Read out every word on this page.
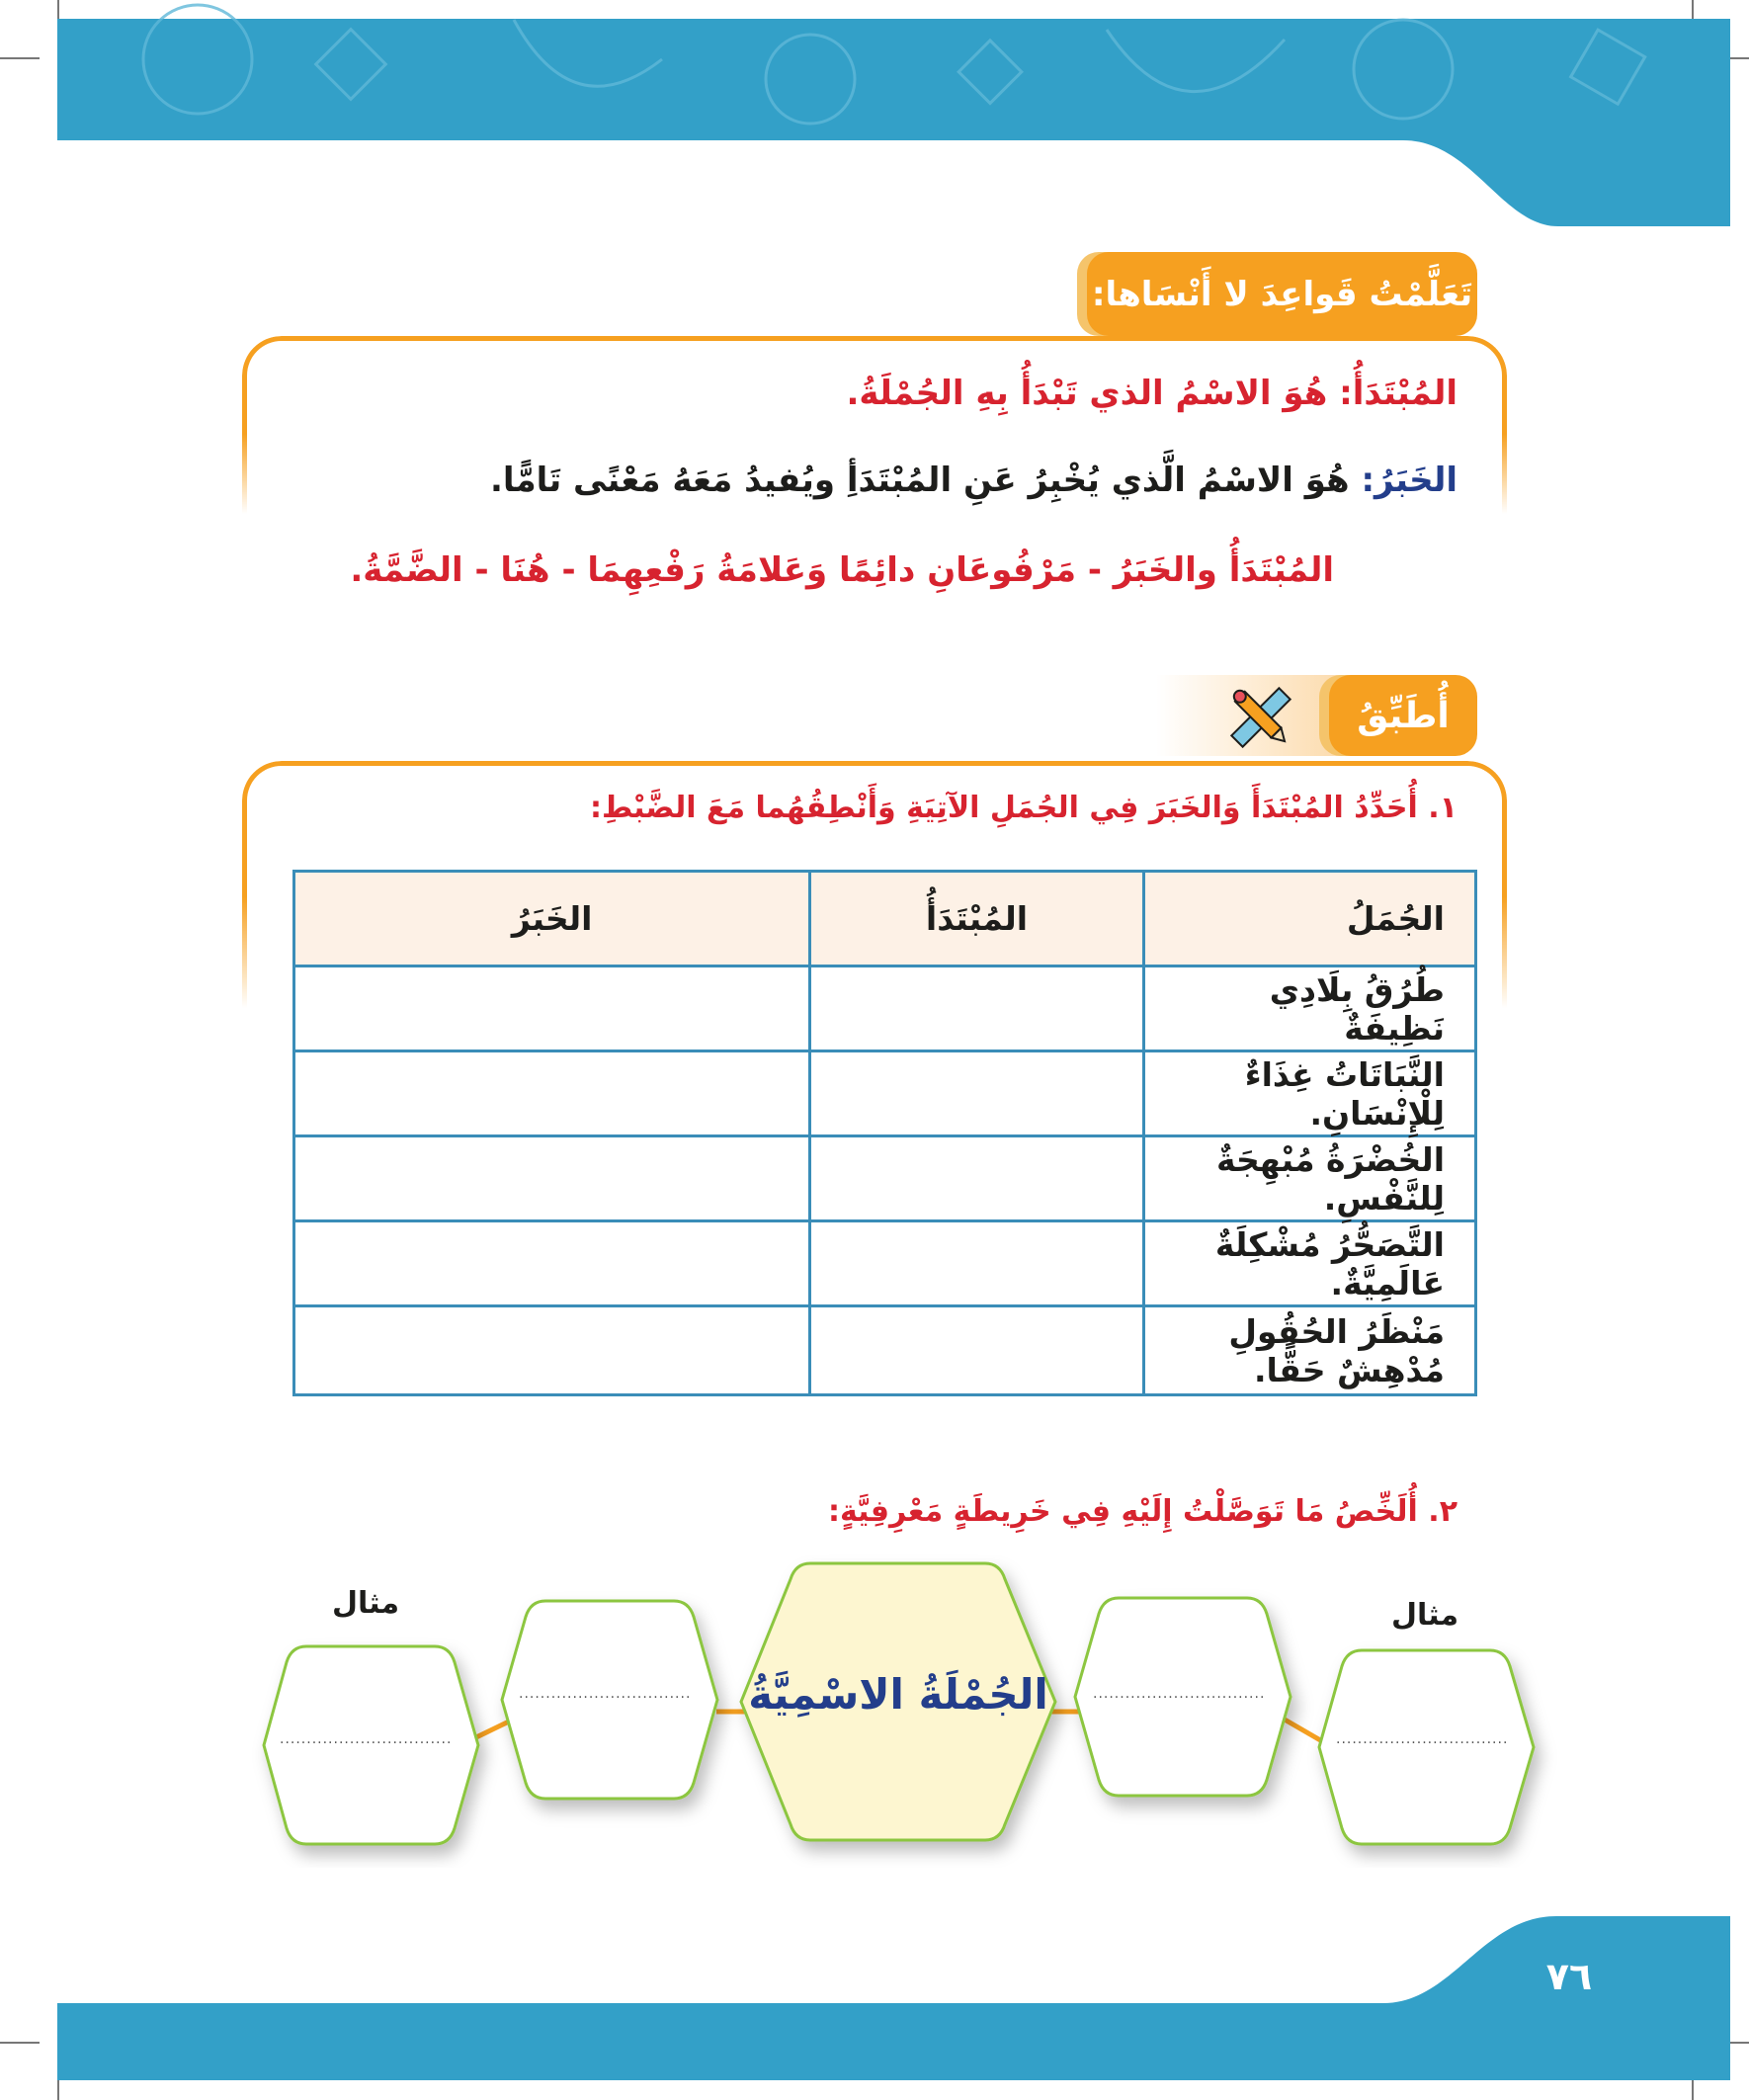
تَعَلَّمْتُ قَواعِدَ لا أَنْسَاها:
المُبْتَدَأُ: هُوَ الاسْمُ الذي تَبْدَأُ بِهِ الجُمْلَةُ.
الخَبَرُ: هُوَ الاسْمُ الَّذي يُخْبِرُ عَنِ المُبْتَدَأِ ويُفيدُ مَعَهُ مَعْنًى تَامًّا.
المُبْتَدَأُ والخَبَرُ - مَرْفُوعَانِ دائِمًا وَعَلامَةُ رَفْعِهِمَا - هُنَا - الضَّمَّةُ.
أُطَبِّقُ
١. أُحَدِّدُ المُبْتَدَأَ وَالخَبَرَ فِي الجُمَلِ الآتِيَةِ وَأَنْطِقُهُما مَعَ الضَّبْطِ:
الجُمَلُ	المُبْتَدَأُ	الخَبَرُ
طُرُقُ بِلَادِي نَظِيفَةٌ		
النَّبَاتَاتُ غِذَاءٌ لِلْإِنْسَانِ.		
الخُضْرَةُ مُبْهِجَةٌ لِلنَّفْسِ.		
التَّصَحُّرُ مُشْكِلَةٌ عَالَمِيَّةٌ.		
مَنْظَرُ الحُقُولِ مُدْهِشٌ حَقًّا.		
٢. أُلَخِّصُ مَا تَوَصَّلْتُ إِلَيْهِ فِي خَرِيطَةٍ مَعْرِفِيَّةٍ:
الجُمْلَةُ الاسْمِيَّةُ
مثال	مثال
................................
................................	................................
................................
٧٦
